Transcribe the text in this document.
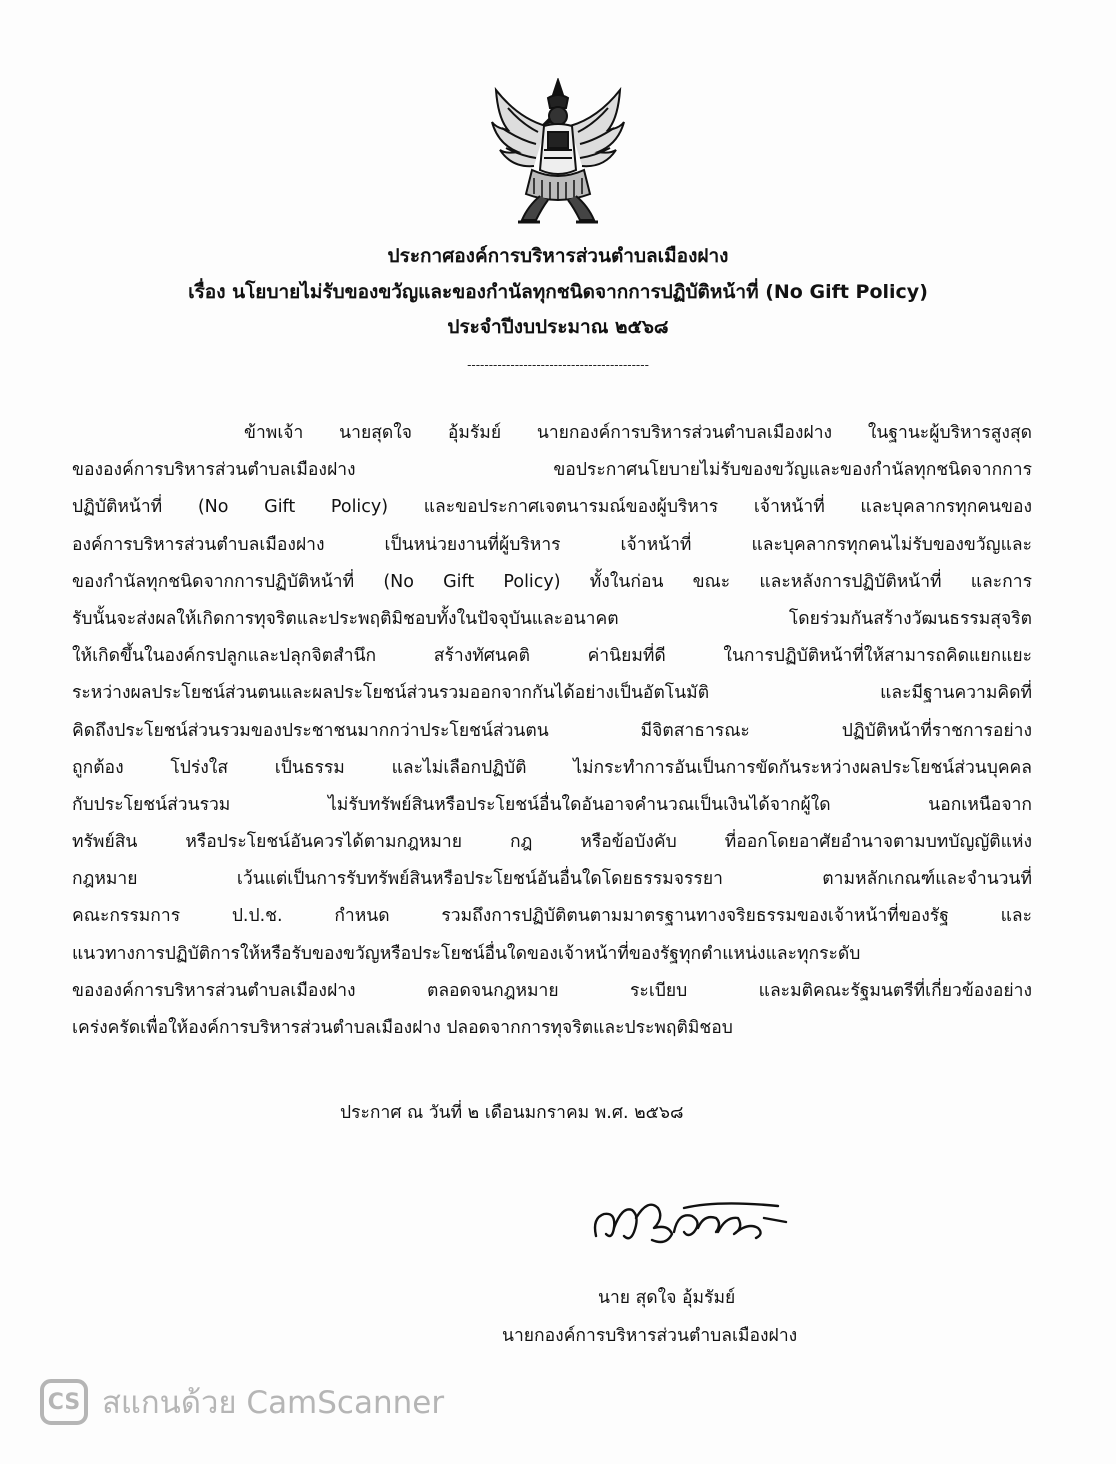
ประกาศองค์การบริหารส่วนตำบลเมืองฝาง
เรื่อง นโยบายไม่รับของขวัญและของกำนัลทุกชนิดจากการปฏิบัติหน้าที่ (No Gift Policy)
ประจำปีงบประมาณ ๒๕๖๘
------------------------------------------
ข้าพเจ้า นายสุดใจ อุ้มรัมย์ นายกองค์การบริหารส่วนตำบลเมืองฝาง ในฐานะผู้บริหารสูงสุด
ขององค์การบริหารส่วนตำบลเมืองฝาง ขอประกาศนโยบายไม่รับของขวัญและของกำนัลทุกชนิดจากการ
ปฏิบัติหน้าที่ (No Gift Policy) และขอประกาศเจตนารมณ์ของผู้บริหาร เจ้าหน้าที่ และบุคลากรทุกคนของ
องค์การบริหารส่วนตำบลเมืองฝาง เป็นหน่วยงานที่ผู้บริหาร เจ้าหน้าที่ และบุคลากรทุกคนไม่รับของขวัญและ
ของกำนัลทุกชนิดจากการปฏิบัติหน้าที่ (No Gift Policy) ทั้งในก่อน ขณะ และหลังการปฏิบัติหน้าที่ และการ
รับนั้นจะส่งผลให้เกิดการทุจริตและประพฤติมิชอบทั้งในปัจจุบันและอนาคต โดยร่วมกันสร้างวัฒนธรรมสุจริต
ให้เกิดขึ้นในองค์กรปลูกและปลุกจิตสำนึก สร้างทัศนคติ ค่านิยมที่ดี ในการปฏิบัติหน้าที่ให้สามารถคิดแยกแยะ
ระหว่างผลประโยชน์ส่วนตนและผลประโยชน์ส่วนรวมออกจากกันได้อย่างเป็นอัตโนมัติ และมีฐานความคิดที่
คิดถึงประโยชน์ส่วนรวมของประชาชนมากกว่าประโยชน์ส่วนตน มีจิตสาธารณะ ปฏิบัติหน้าที่ราชการอย่าง
ถูกต้อง โปร่งใส เป็นธรรม และไม่เลือกปฏิบัติ ไม่กระทำการอันเป็นการขัดกันระหว่างผลประโยชน์ส่วนบุคคล
กับประโยชน์ส่วนรวม ไม่รับทรัพย์สินหรือประโยชน์อื่นใดอันอาจคำนวณเป็นเงินได้จากผู้ใด นอกเหนือจาก
ทรัพย์สิน หรือประโยชน์อันควรได้ตามกฎหมาย กฎ หรือข้อบังคับ ที่ออกโดยอาศัยอำนาจตามบทบัญญัติแห่ง
กฎหมาย เว้นแต่เป็นการรับทรัพย์สินหรือประโยชน์อันอื่นใดโดยธรรมจรรยา ตามหลักเกณฑ์และจำนวนที่
คณะกรรมการ ป.ป.ช. กำหนด รวมถึงการปฏิบัติตนตามมาตรฐานทางจริยธรรมของเจ้าหน้าที่ของรัฐ และ
แนวทางการปฏิบัติการให้หรือรับของขวัญหรือประโยชน์อื่นใดของเจ้าหน้าที่ของรัฐทุกตำแหน่งและทุกระดับ
ขององค์การบริหารส่วนตำบลเมืองฝาง ตลอดจนกฎหมาย ระเบียบ และมติคณะรัฐมนตรีที่เกี่ยวข้องอย่าง
เคร่งครัดเพื่อให้องค์การบริหารส่วนตำบลเมืองฝาง ปลอดจากการทุจริตและประพฤติมิชอบ
ประกาศ ณ วันที่ ๒ เดือนมกราคม พ.ศ. ๒๕๖๘
นาย สุดใจ อุ้มรัมย์
นายกองค์การบริหารส่วนตำบลเมืองฝาง
CS สแกนด้วย CamScanner
